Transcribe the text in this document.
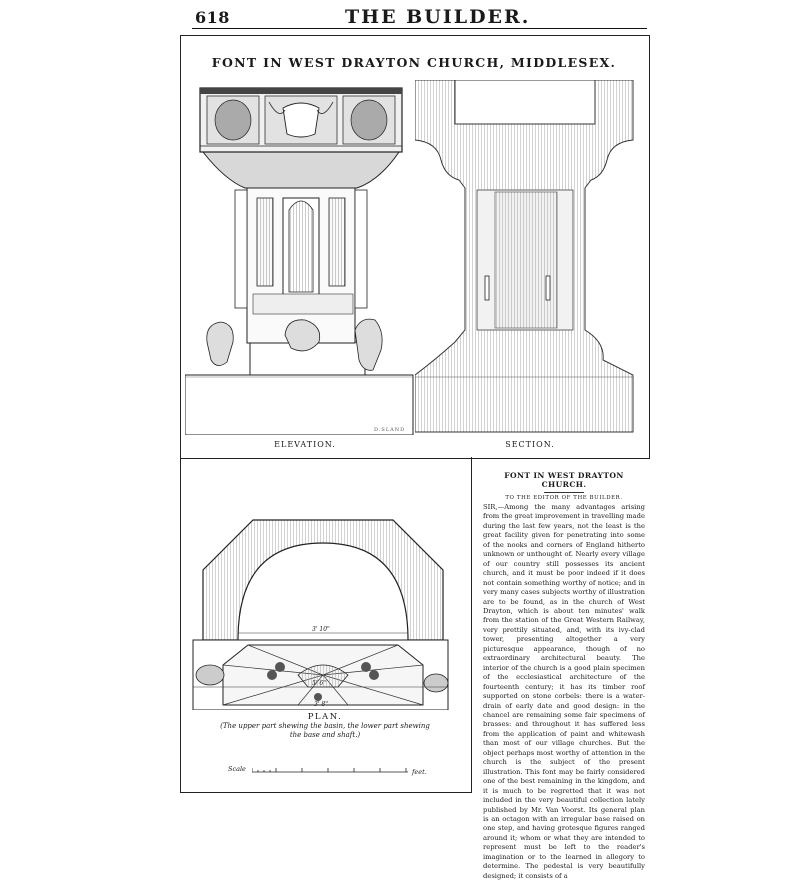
618	THE BUILDER.
FONT IN WEST DRAYTON CHURCH, MIDDLESEX.
ELEVATION.
D.SLAND
SECTION.
3' 10"
5' 6"
3' 8"
PLAN.
(The upper part shewing the basin, the lower part shewing
the base and shaft.)
Scale	feet.
FONT IN WEST DRAYTON CHURCH.
TO THE EDITOR OF THE BUILDER.

SIR,—Among the many advantages arising from the great improvement in travelling made during the last few years, not the least is the great facility given for penetrating into some of the nooks and corners of England hitherto unknown or unthought of. Nearly every village of our country still possesses its ancient church, and it must be poor indeed if it does not contain something worthy of notice; and in very many cases subjects worthy of illustration are to be found, as in the church of West Drayton, which is about ten minutes' walk from the station of the Great Western Railway, very prettily situated, and, with its ivy-clad tower, presenting altogether a very picturesque appearance, though of no extraordinary architectural beauty. The interior of the church is a good plain specimen of the ecclesiastical architecture of the fourteenth century; it has its timber roof supported on stone corbels: there is a water-drain of early date and good design: in the chancel are remaining some fair specimens of brasses: and throughout it has suffered less from the application of paint and whitewash than most of our village churches. But the object perhaps most worthy of attention in the church is the subject of the present illustration. This font may be fairly considered one of the best remaining in the kingdom, and it is much to be regretted that it was not included in the very beautiful collection lately published by Mr. Van Voorst. Its general plan is an octagon with an irregular base raised on one step, and having grotesque figures ranged around it; whom or what they are intended to represent must be left to the reader's imagination or to the learned in allegory to determine. The pedestal is very beautifully designed; it consists of a
